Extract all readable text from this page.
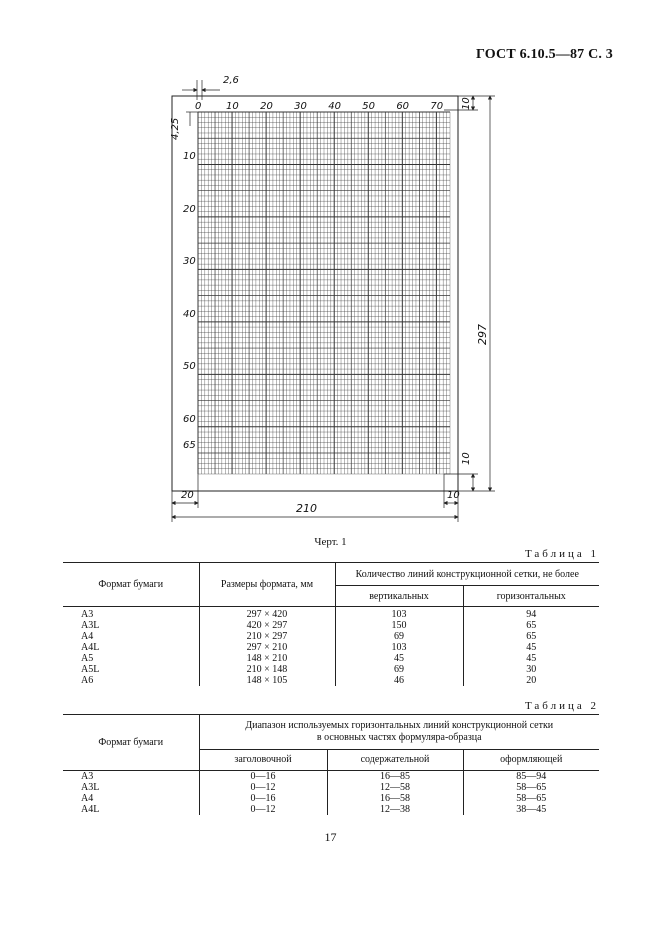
ГОСТ 6.10.5—87 С. 3
2,6
4,25
0 10 20 30 40 50 60 70
10
20
30
40
50
60
65
210
20	10
297
10
10
Черт. 1
Таблица 1
Формат бумаги	Размеры формата, мм	Количество линий конструкционной сетки, не более	
		вертикальных	горизонтальных
A3	297 × 420	103	94
A3L	420 × 297	150	65
A4	210 × 297	69	65
A4L	297 × 210	103	45
A5	148 × 210	45	45
A5L	210 × 148	69	30
A6	148 × 105	46	20
Таблица 2
Формат бумаги	Диапазон используемых горизонтальных линий конструкционной сетки
в основных частях формуляра-образца		
	заголовочной	содержательной	оформляющей
A3	0—16	16—85	85—94
A3L	0—12	12—58	58—65
A4	0—16	16—58	58—65
A4L	0—12	12—38	38—45
17
